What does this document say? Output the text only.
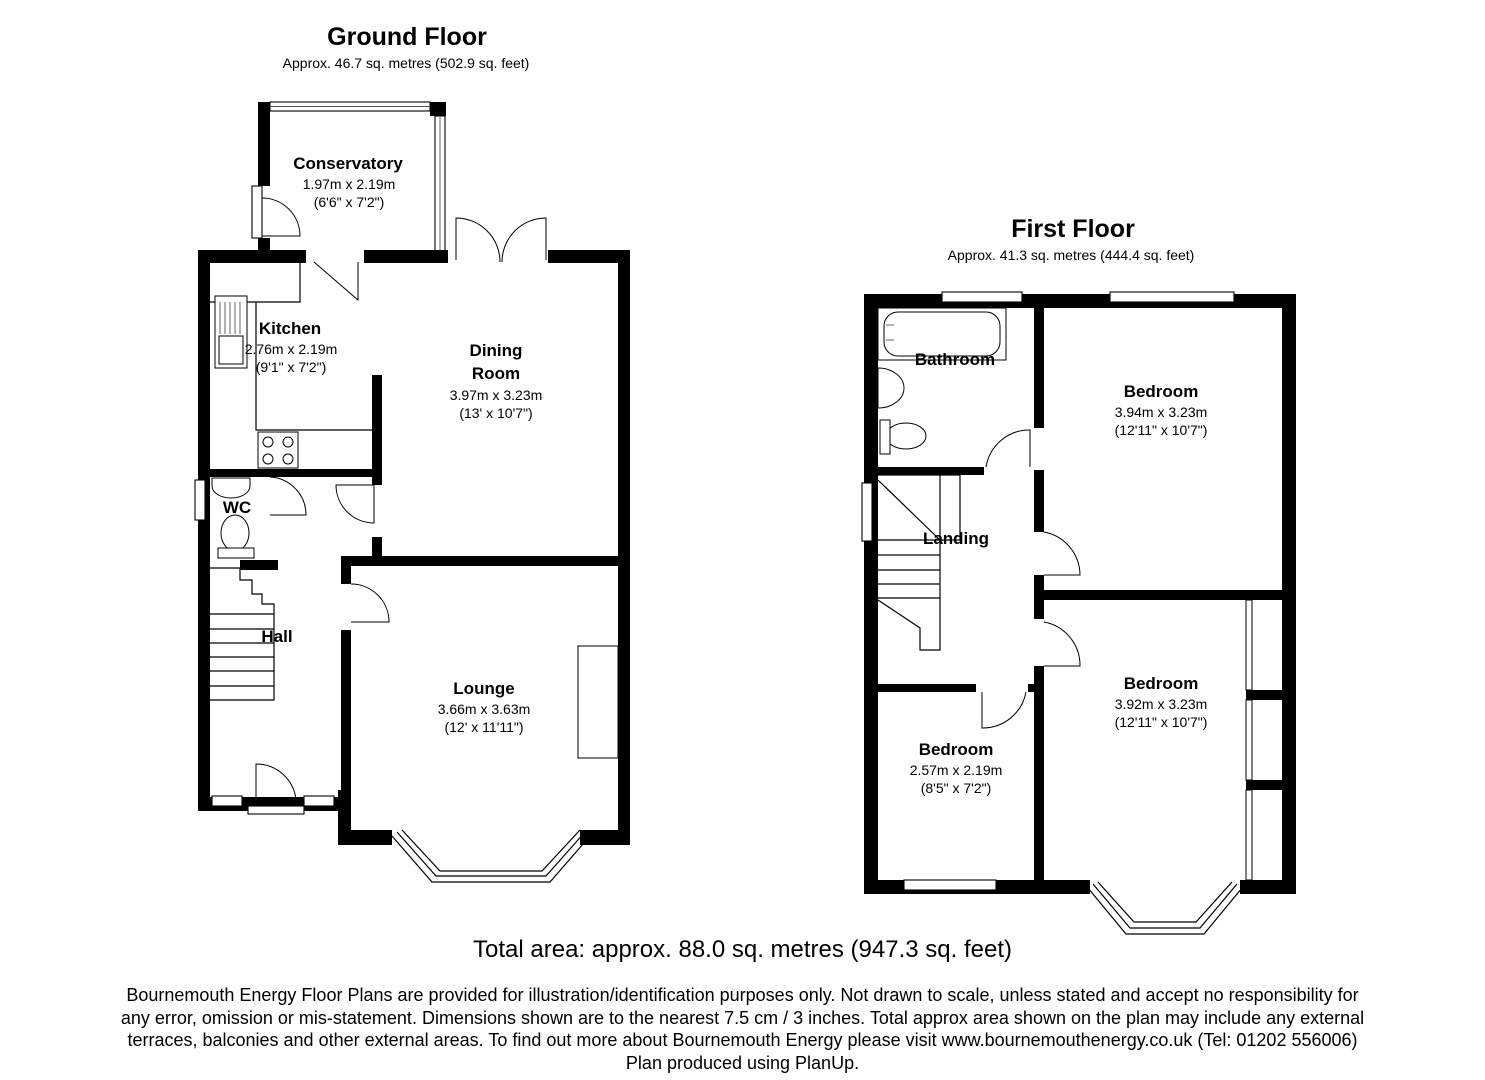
Ground Floor
Approx. 46.7 sq. metres (502.9 sq. feet)
Conservatory
1.97m x 2.19m
(6'6" x 7'2")
Kitchen
2.76m x 2.19m
(9'1" x 7'2")
Dining
Room
3.97m x 3.23m
(13' x 10'7")
WC
Hall
Lounge
3.66m x 3.63m
(12' x 11'11")
First Floor
Approx. 41.3 sq. metres (444.4 sq. feet)
Bathroom
Landing
Bedroom
3.94m x 3.23m
(12'11" x 10'7")
Bedroom
3.92m x 3.23m
(12'11" x 10'7")
Bedroom
2.57m x 2.19m
(8'5" x 7'2")
Total area: approx. 88.0 sq. metres (947.3 sq. feet)
Bournemouth Energy Floor Plans are provided for illustration/identification purposes only. Not drawn to scale, unless stated and accept no responsibility for
any error, omission or mis-statement. Dimensions shown are to the nearest 7.5 cm / 3 inches. Total approx area shown on the plan may include any external
terraces, balconies and other external areas. To find out more about Bournemouth Energy please visit www.bournemouthenergy.co.uk (Tel: 01202 556006)
Plan produced using PlanUp.
